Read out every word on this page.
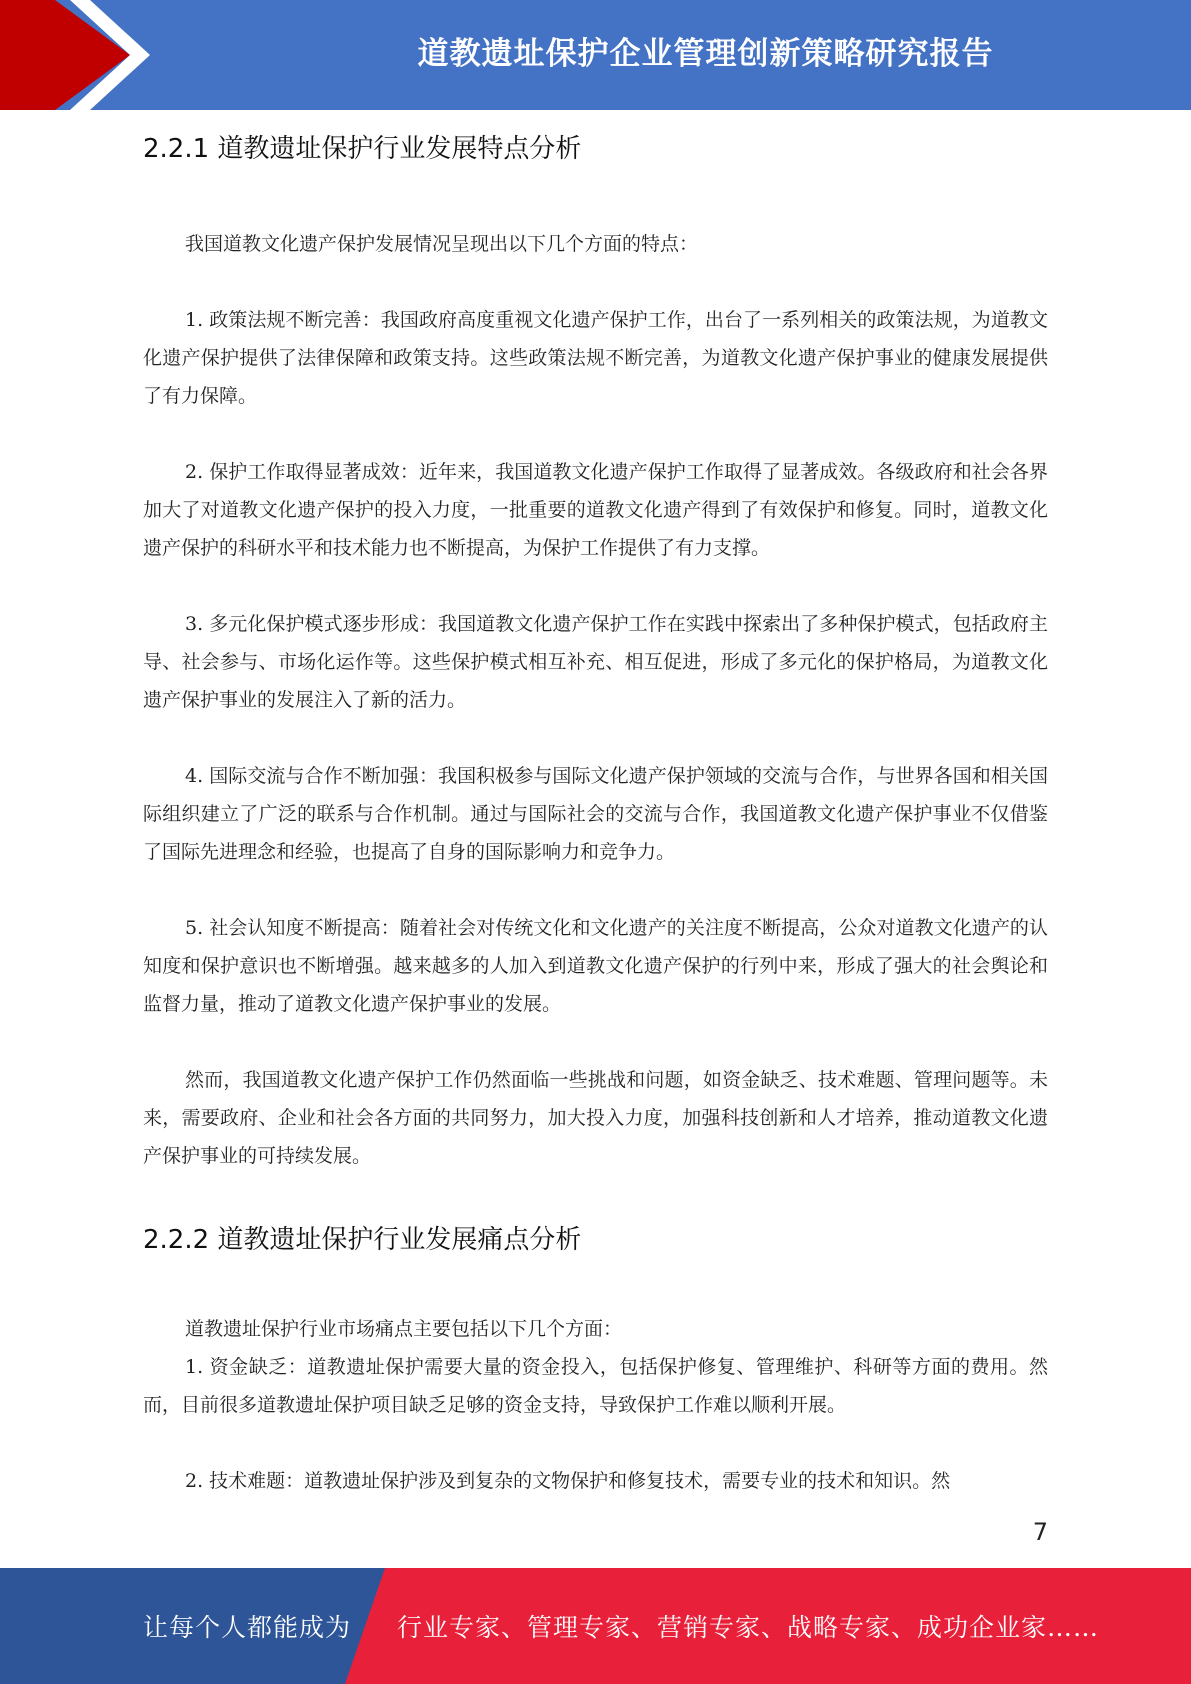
道教遗址保护企业管理创新策略研究报告
2.2.1 道教遗址保护行业发展特点分析

我国道教文化遗产保护发展情况呈现出以下几个方面的特点：

1. 政策法规不断完善：我国政府高度重视文化遗产保护工作，出台了一系列相关的政策法规，为道教文化遗产保护提供了法律保障和政策支持。这些政策法规不断完善，为道教文化遗产保护事业的健康发展提供了有力保障。

2. 保护工作取得显著成效：近年来，我国道教文化遗产保护工作取得了显著成效。各级政府和社会各界加大了对道教文化遗产保护的投入力度，一批重要的道教文化遗产得到了有效保护和修复。同时，道教文化遗产保护的科研水平和技术能力也不断提高，为保护工作提供了有力支撑。

3. 多元化保护模式逐步形成：我国道教文化遗产保护工作在实践中探索出了多种保护模式，包括政府主导、社会参与、市场化运作等。这些保护模式相互补充、相互促进，形成了多元化的保护格局，为道教文化遗产保护事业的发展注入了新的活力。

4. 国际交流与合作不断加强：我国积极参与国际文化遗产保护领域的交流与合作，与世界各国和相关国际组织建立了广泛的联系与合作机制。通过与国际社会的交流与合作，我国道教文化遗产保护事业不仅借鉴了国际先进理念和经验，也提高了自身的国际影响力和竞争力。

5. 社会认知度不断提高：随着社会对传统文化和文化遗产的关注度不断提高，公众对道教文化遗产的认知度和保护意识也不断增强。越来越多的人加入到道教文化遗产保护的行列中来，形成了强大的社会舆论和监督力量，推动了道教文化遗产保护事业的发展。

然而，我国道教文化遗产保护工作仍然面临一些挑战和问题，如资金缺乏、技术难题、管理问题等。未来，需要政府、企业和社会各方面的共同努力，加大投入力度，加强科技创新和人才培养，推动道教文化遗产保护事业的可持续发展。

2.2.2 道教遗址保护行业发展痛点分析

道教遗址保护行业市场痛点主要包括以下几个方面：

1. 资金缺乏：道教遗址保护需要大量的资金投入，包括保护修复、管理维护、科研等方面的费用。然而，目前很多道教遗址保护项目缺乏足够的资金支持，导致保护工作难以顺利开展。

2. 技术难题：道教遗址保护涉及到复杂的文物保护和修复技术，需要专业的技术和知识。然

7
让每个人都能成为 行业专家、管理专家、营销专家、战略专家、成功企业家……
